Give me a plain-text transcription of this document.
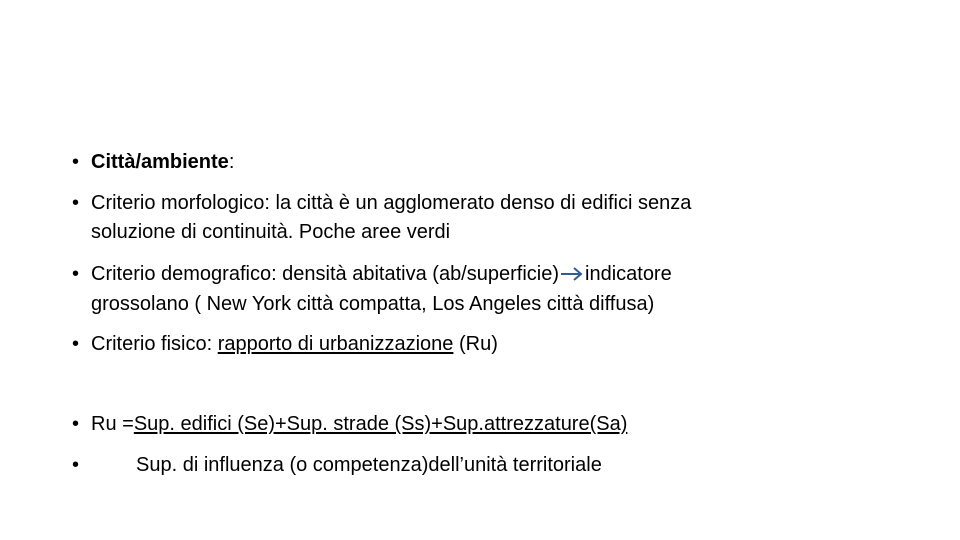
• Città/ambiente:
• Criterio morfologico: la città è un agglomerato denso di edifici senza
soluzione di continuità. Poche aree verdi
• Criterio demografico: densità abitativa (ab/superficie) indicatore
grossolano ( New York città compatta, Los Angeles città diffusa)
• Criterio fisico: rapporto di urbanizzazione (Ru)
• Ru =Sup. edifici (Se)+Sup. strade (Ss)+Sup.attrezzature(Sa)
•	Sup. di influenza (o competenza)dell’unità territoriale
